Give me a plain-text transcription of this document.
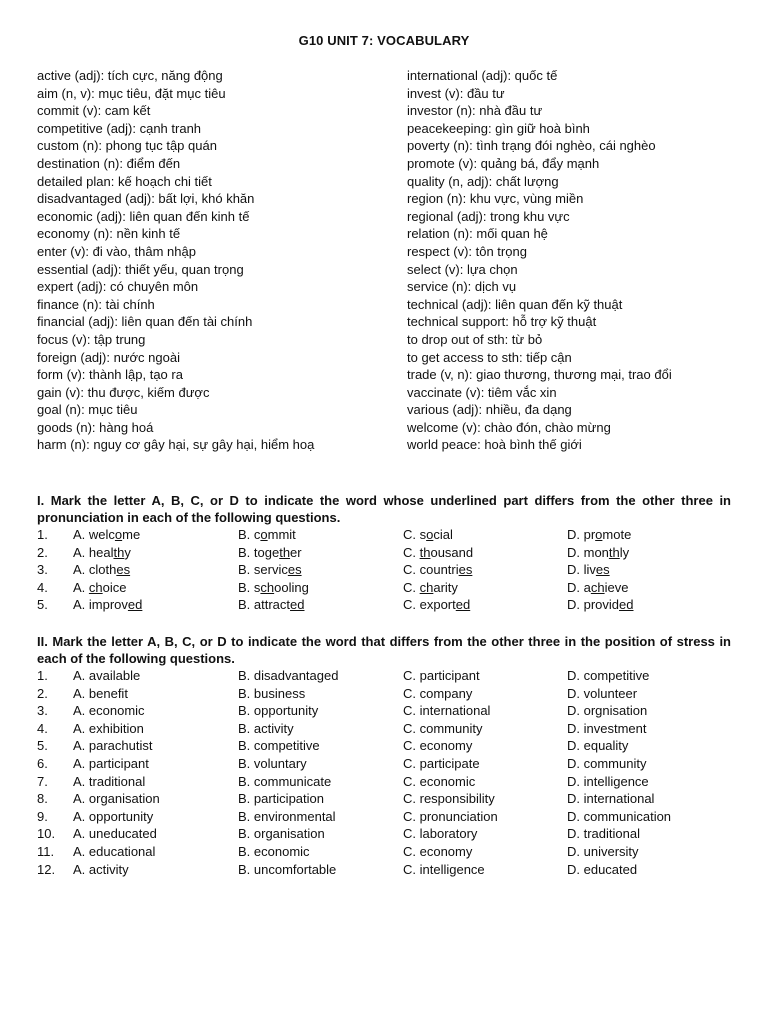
G10 UNIT 7: VOCABULARY
active (adj): tích cực, năng động
aim (n, v): mục tiêu, đặt mục tiêu
commit (v): cam kết
competitive (adj): cạnh tranh
custom (n): phong tục tập quán
destination (n): điểm đến
detailed plan: kế hoạch chi tiết
disadvantaged (adj): bất lợi, khó khăn
economic (adj): liên quan đến kinh tế
economy (n): nền kinh tế
enter (v): đi vào, thâm nhập
essential (adj): thiết yếu, quan trọng
expert (adj): có chuyên môn
finance (n): tài chính
financial (adj): liên quan đến tài chính
focus (v): tập trung
foreign (adj): nước ngoài
form (v): thành lập, tạo ra
gain (v): thu được, kiếm được
goal (n): mục tiêu
goods (n): hàng hoá
harm (n): nguy cơ gây hại, sự gây hại, hiểm hoạ
international (adj): quốc tế
invest (v): đầu tư
investor (n): nhà đầu tư
peacekeeping: gìn giữ hoà bình
poverty (n): tình trạng đói nghèo, cái nghèo
promote (v): quảng bá, đẩy mạnh
quality (n, adj): chất lượng
region (n): khu vực, vùng miền
regional (adj): trong khu vực
relation (n): mối quan hệ
respect (v): tôn trọng
select (v): lựa chọn
service (n): dịch vụ
technical (adj): liên quan đến kỹ thuật
technical support: hỗ trợ kỹ thuật
to drop out of sth: từ bỏ
to get access to sth: tiếp cận
trade (v, n): giao thương, thương mại, trao đổi
vaccinate (v): tiêm vắc xin
various (adj): nhiều, đa dạng
welcome (v): chào đón, chào mừng
world peace: hoà bình thế giới
I. Mark the letter A, B, C, or D to indicate the word whose underlined part differs from the other three in pronunciation in each of the following questions.
1. A. welcome	B. commit	C. social	D. promote
2. A. healthy	B. together	C. thousand	D. monthly
3. A. clothes	B. services	C. countries	D. lives
4. A. choice	B. schooling	C. charity	D. achieve
5. A. improved	B. attracted	C. exported	D. provided
II. Mark the letter A, B, C, or D to indicate the word that differs from the other three in the position of stress in each of the following questions.
1. A. available	B. disadvantaged	C. participant	D. competitive
2. A. benefit	B. business	C. company	D. volunteer
3. A. economic	B. opportunity	C. international	D. orgnisation
4. A. exhibition	B. activity	C. community	D. investment
5. A. parachutist	B. competitive	C. economy	D. equality
6. A. participant	B. voluntary	C. participate	D. community
7. A. traditional	B. communicate	C. economic	D. intelligence
8. A. organisation	B. participation	C. responsibility	D. international
9. A. opportunity	B. environmental	C. pronunciation	D. communication
10. A. uneducated	B. organisation	C. laboratory	D. traditional
11. A. educational	B. economic	C. economy	D. university
12. A. activity	B. uncomfortable	C. intelligence	D. educated
